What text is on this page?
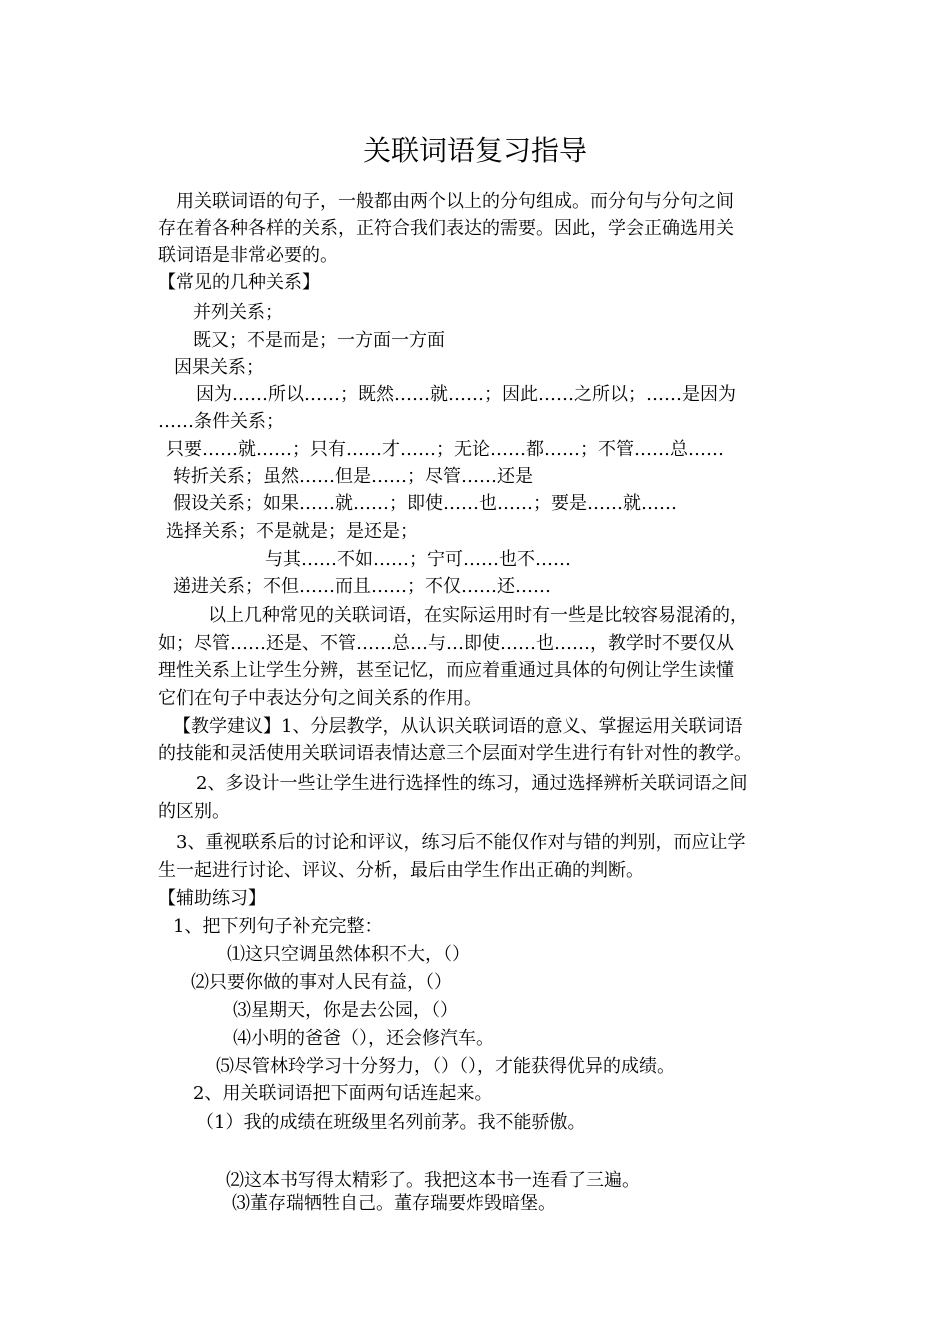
关联词语复习指导
用关联词语的句子，一般都由两个以上的分句组成。而分句与分句之间
存在着各种各样的关系，正符合我们表达的需要。因此，学会正确选用关
联词语是非常必要的。
【常见的几种关系】
并列关系；
既又；不是而是；一方面一方面
因果关系；
因为……所以……；既然……就……；因此……之所以；……是因为
……条件关系；
只要……就……；只有……才……；无论……都……；不管……总……
转折关系；虽然……但是……；尽管……还是
假设关系；如果……就……；即使……也……；要是……就……
选择关系；不是就是；是还是；
与其……不如……；宁可……也不……
递进关系；不但……而且……；不仅……还……
以上几种常见的关联词语，在实际运用时有一些是比较容易混淆的，
如；尽管……还是、不管……总…与…即使……也……，教学时不要仅从
理性关系上让学生分辨，甚至记忆，而应着重通过具体的句例让学生读懂
它们在句子中表达分句之间关系的作用。
【教学建议】1、分层教学，从认识关联词语的意义、掌握运用关联词语
的技能和灵活使用关联词语表情达意三个层面对学生进行有针对性的教学。
2、多设计一些让学生进行选择性的练习，通过选择辨析关联词语之间
的区别。
3、重视联系后的讨论和评议，练习后不能仅作对与错的判别，而应让学
生一起进行讨论、评议、分析，最后由学生作出正确的判断。
【辅助练习】
1、把下列句子补充完整：
⑴这只空调虽然体积不大，（）
⑵只要你做的事对人民有益，（）
⑶星期天，你是去公园，（）
⑷小明的爸爸（），还会修汽车。
⑸尽管林玲学习十分努力，（）（），才能获得优异的成绩。
2、用关联词语把下面两句话连起来。
（1）我的成绩在班级里名列前茅。我不能骄傲。
⑵这本书写得太精彩了。我把这本书一连看了三遍。
⑶董存瑞牺牲自己。董存瑞要炸毁暗堡。
